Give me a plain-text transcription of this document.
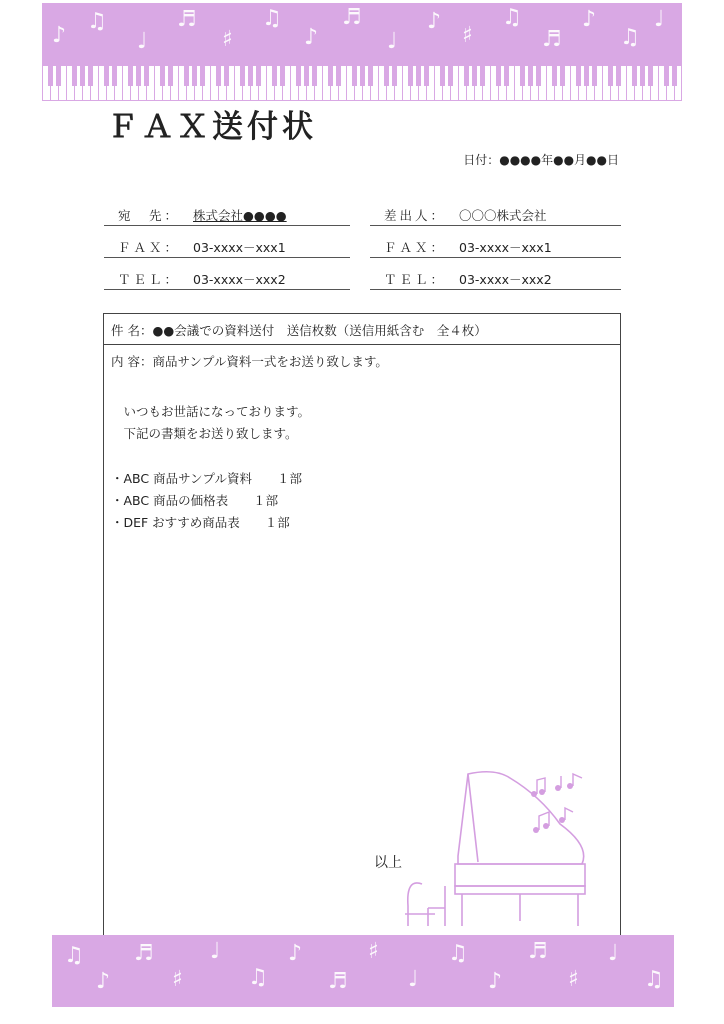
♪
♫
♩
♬
♯
♫
♪
♬
♩
♪
♯
♫
♬
♪
♫
♩
ＦＡＸ送付状
日付：●●●●年●●月●●日
宛　先： 株式会社●●●●
ＦＡＸ： 03-xxxx－xxx1
ＴＥＬ： 03-xxxx－xxx2
差出人： 〇〇〇株式会社
ＦＡＸ： 03-xxxx－xxx1
ＴＥＬ： 03-xxxx－xxx2
件 名：●●会議での資料送付　送信枚数（送信用紙含む　全４枚）
内 容：商品サンプル資料一式をお送り致します。
　いつもお世話になっております。
　下記の書類をお送り致します。
・ABC 商品サンプル資料　　１部
・ABC 商品の価格表　　１部
・DEF おすすめ商品表　　１部
以上
♫
♪
♬
♯
♩
♫
♪
♬
♯
♩
♫
♪
♬
♯
♩
♫
